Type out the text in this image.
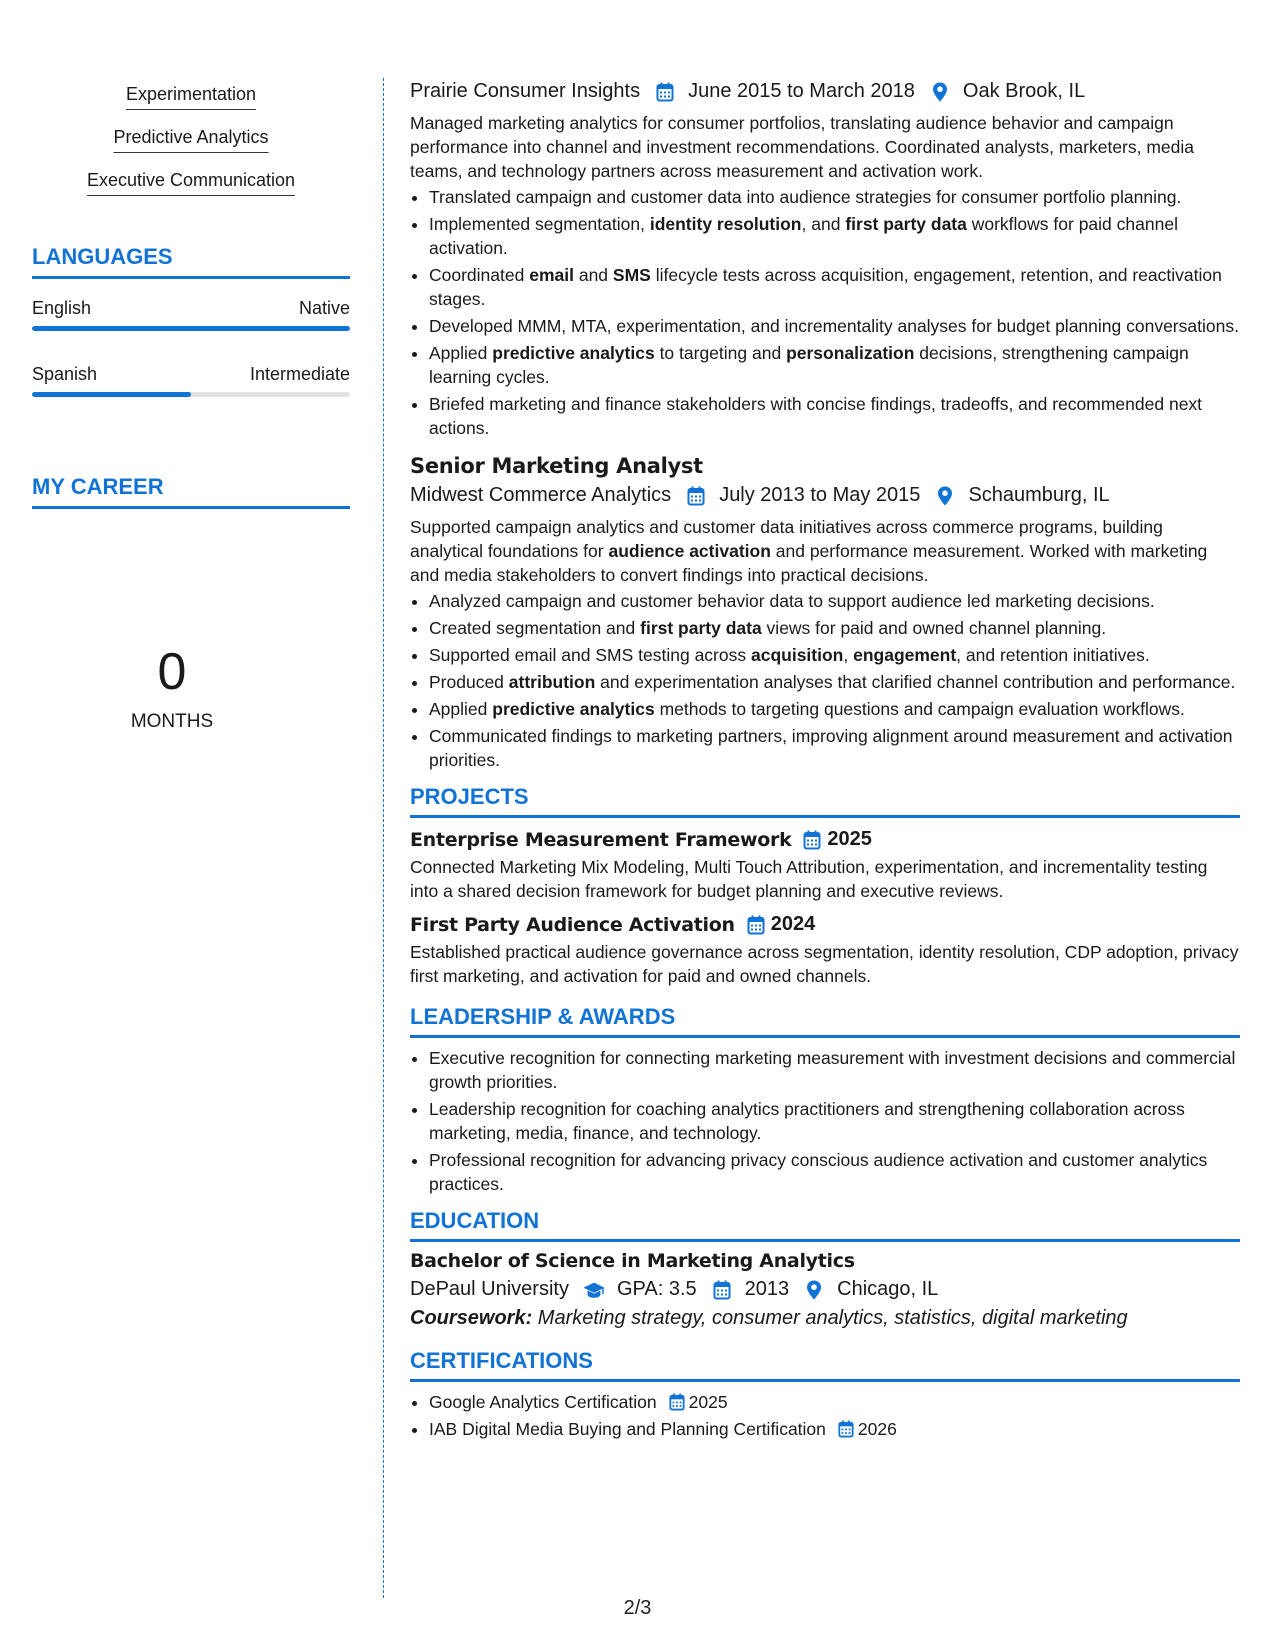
Experimentation
Predictive Analytics
Executive Communication
LANGUAGES
English	Native
Spanish	Intermediate
MY CAREER
0
MONTHS
Prairie Consumer Insights June 2015 to March 2018 Oak Brook, IL

Managed marketing analytics for consumer portfolios, translating audience behavior and campaign performance into channel and investment recommendations. Coordinated analysts, marketers, media teams, and technology partners across measurement and activation work.

• Translated campaign and customer data into audience strategies for consumer portfolio planning.
• Implemented segmentation, identity resolution, and first party data workflows for paid channel activation.
• Coordinated email and SMS lifecycle tests across acquisition, engagement, retention, and reactivation stages.
• Developed MMM, MTA, experimentation, and incrementality analyses for budget planning conversations.
• Applied predictive analytics to targeting and personalization decisions, strengthening campaign learning cycles.
• Briefed marketing and finance stakeholders with concise findings, tradeoffs, and recommended next actions.
Senior Marketing Analyst
Midwest Commerce Analytics July 2013 to May 2015 Schaumburg, IL

Supported campaign analytics and customer data initiatives across commerce programs, building analytical foundations for audience activation and performance measurement. Worked with marketing and media stakeholders to convert findings into practical decisions.

• Analyzed campaign and customer behavior data to support audience led marketing decisions.
• Created segmentation and first party data views for paid and owned channel planning.
• Supported email and SMS testing across acquisition, engagement, and retention initiatives.
• Produced attribution and experimentation analyses that clarified channel contribution and performance.
• Applied predictive analytics methods to targeting questions and campaign evaluation workflows.
• Communicated findings to marketing partners, improving alignment around measurement and activation priorities.
PROJECTS
Enterprise Measurement Framework 2025

Connected Marketing Mix Modeling, Multi Touch Attribution, experimentation, and incrementality testing into a shared decision framework for budget planning and executive reviews.

First Party Audience Activation 2024

Established practical audience governance across segmentation, identity resolution, CDP adoption, privacy first marketing, and activation for paid and owned channels.

LEADERSHIP & AWARDS
• Executive recognition for connecting marketing measurement with investment decisions and commercial growth priorities.
• Leadership recognition for coaching analytics practitioners and strengthening collaboration across marketing, media, finance, and technology.
• Professional recognition for advancing privacy conscious audience activation and customer analytics practices.
EDUCATION
Bachelor of Science in Marketing Analytics
DePaul University GPA: 3.5 2013 Chicago, IL
Coursework: Marketing strategy, consumer analytics, statistics, digital marketing
CERTIFICATIONS
• Google Analytics Certification 2025
• IAB Digital Media Buying and Planning Certification 2026
2/3
